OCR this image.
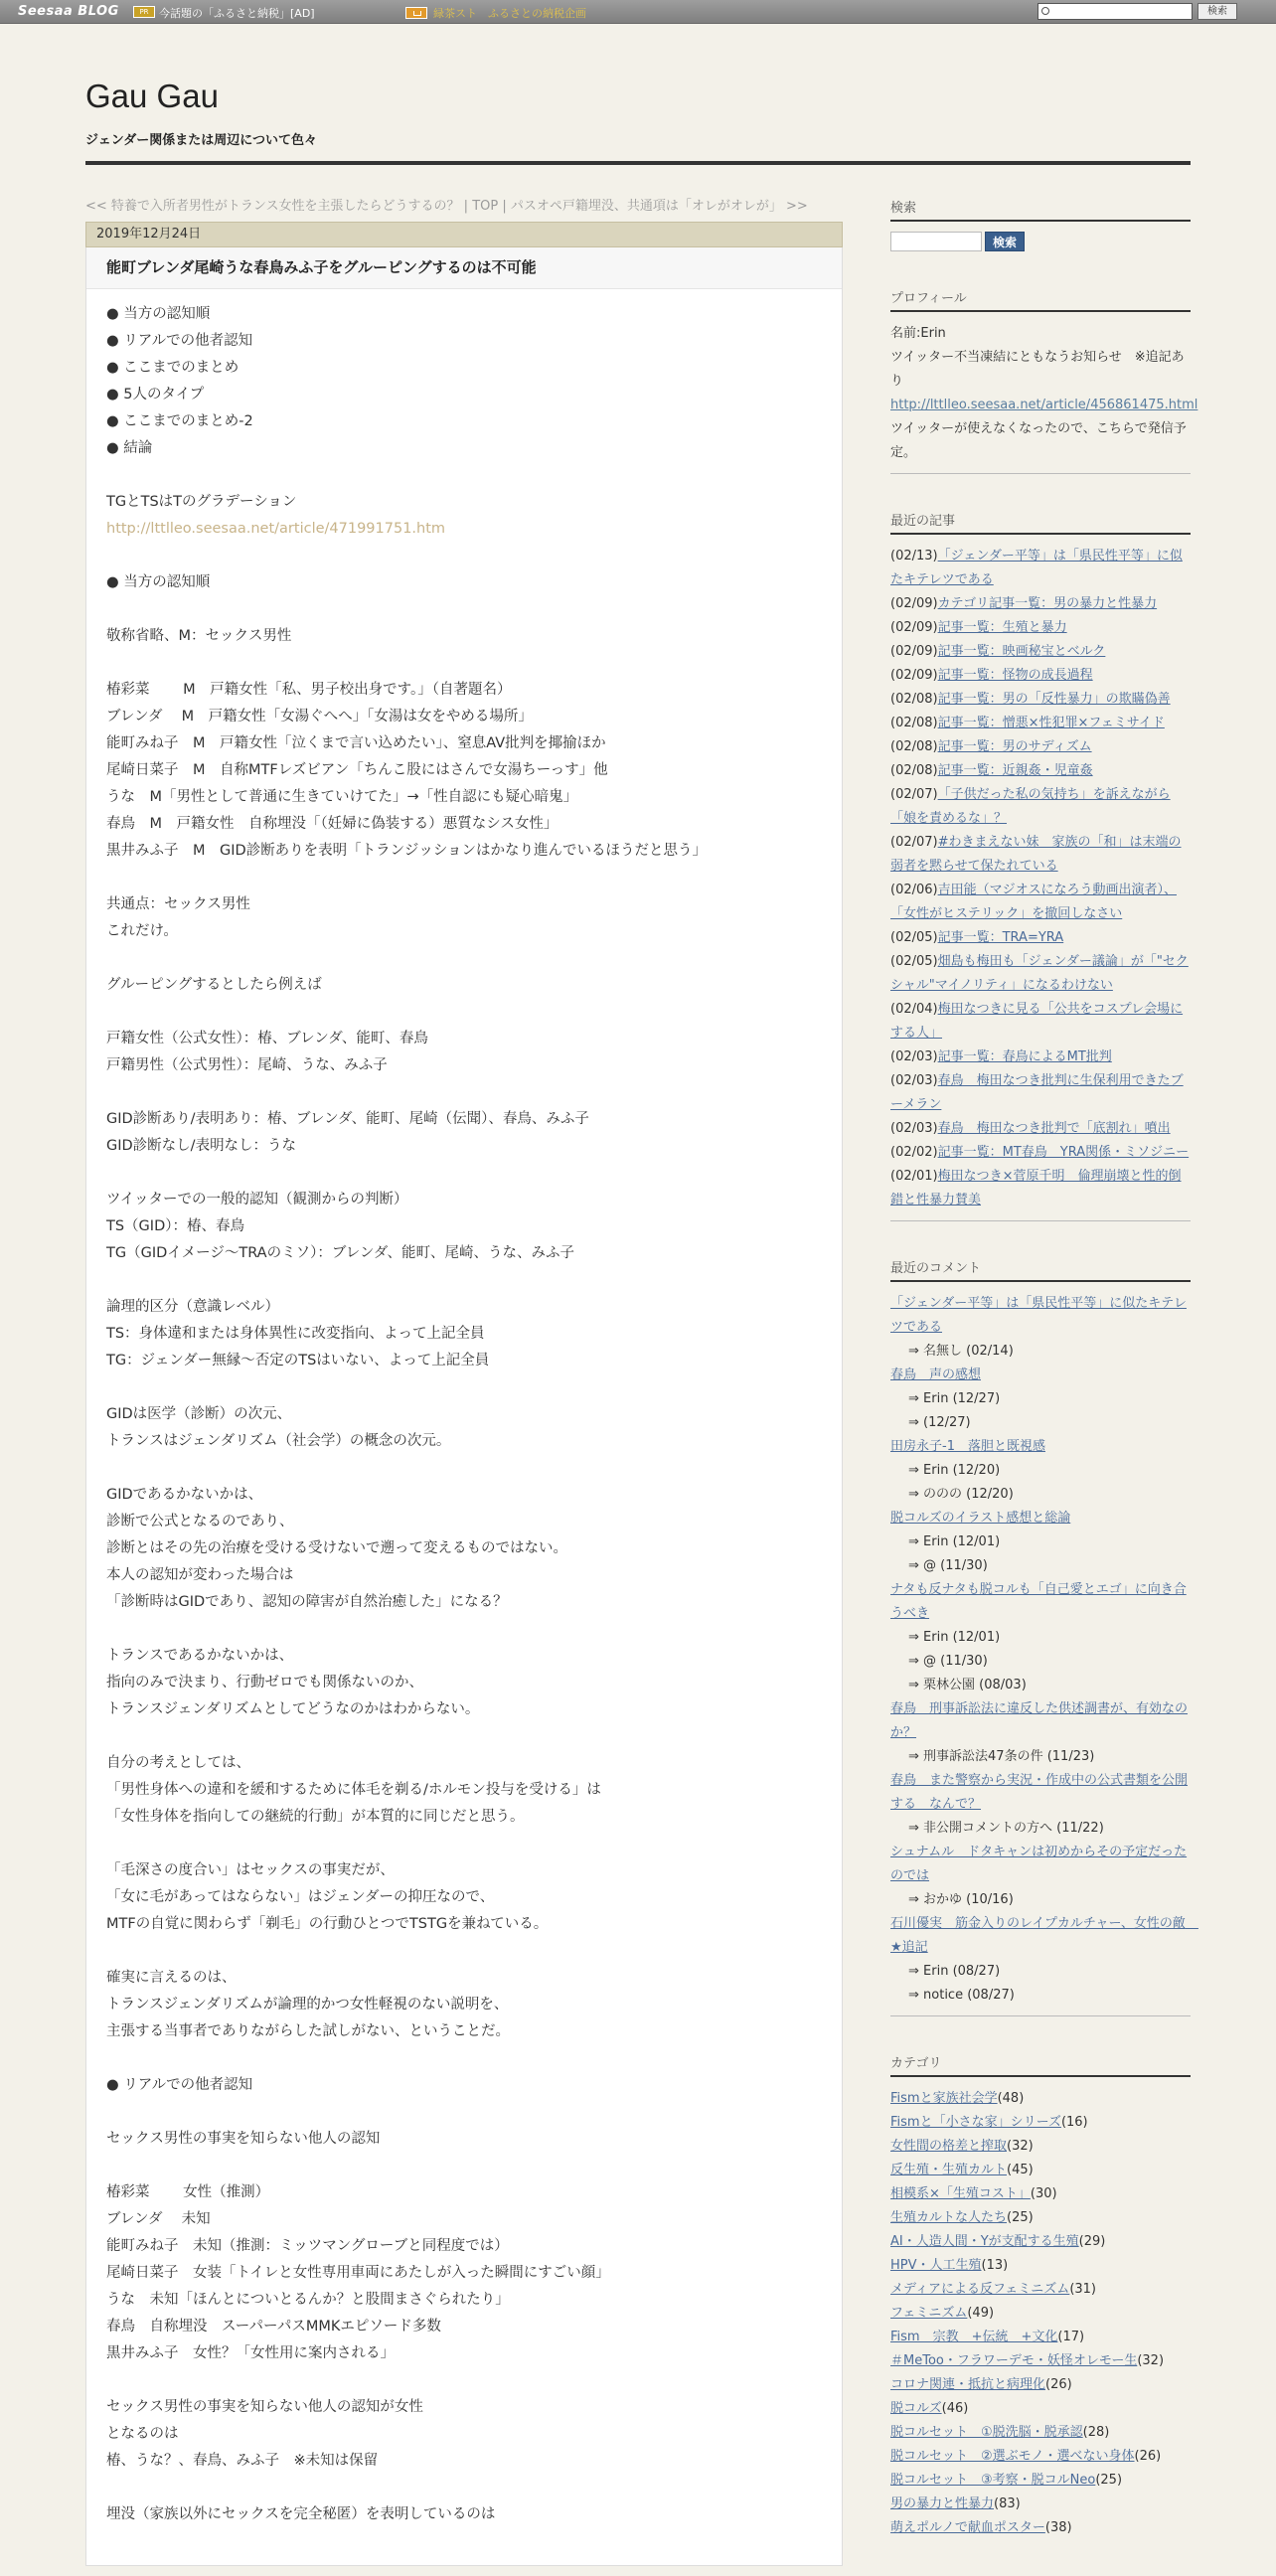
Seesaa BLOG	PR 今話題の「ふるさと納税」[AD]	緑茶スト　ふるさとの納税企画	検索
Gau Gau
ジェンダー関係または周辺について色々
<< 特養で入所者男性がトランス女性を主張したらどうするの？ | TOP | パスオペ戸籍埋没、共通項は「オレがオレが」 >>
2019年12月24日
能町ブレンダ尾崎うな春鳥みふ子をグルーピングするのは不可能
● 当方の認知順
● リアルでの他者認知
● ここまでのまとめ
● 5人のタイプ
● ここまでのまとめ-2
● 結論
TGとTSはTのグラデーション
http://lttlleo.seesaa.net/article/471991751.htm
● 当方の認知順
敬称省略、M：セックス男性
椿彩菜　　 M　戸籍女性「私、男子校出身です。」（自著題名）
ブレンダ　 M　戸籍女性「女湯ぐへへ」「女湯は女をやめる場所」
能町みね子　M　戸籍女性「泣くまで言い込めたい」、窒息AV批判を揶揄ほか
尾崎日菜子　M　自称MTFレズビアン「ちんこ股にはさんで女湯ちーっす」他
うな　M「男性として普通に生きていけてた」→「性自認にも疑心暗鬼」
春鳥　M　戸籍女性　自称埋没「（妊婦に偽装する）悪質なシス女性」
黒井みふ子　M　GID診断ありを表明「トランジッションはかなり進んでいるほうだと思う」
共通点：セックス男性
これだけ。
グルーピングするとしたら例えば
戸籍女性（公式女性）：椿、ブレンダ、能町、春鳥
戸籍男性（公式男性）：尾崎、うな、みふ子
GID診断あり/表明あり：椿、ブレンダ、能町、尾崎（伝聞）、春鳥、みふ子
GID診断なし/表明なし：うな
ツイッターでの一般的認知（観測からの判断）
TS（GID）：椿、春鳥
TG（GIDイメージ～TRAのミソ）：ブレンダ、能町、尾崎、うな、みふ子
論理的区分（意識レベル）
TS：身体違和または身体異性に改変指向、よって上記全員
TG：ジェンダー無縁～否定のTSはいない、よって上記全員
GIDは医学（診断）の次元、
トランスはジェンダリズム（社会学）の概念の次元。
GIDであるかないかは、
診断で公式となるのであり、
診断とはその先の治療を受ける受けないで遡って変えるものではない。
本人の認知が変わった場合は
「診断時はGIDであり、認知の障害が自然治癒した」になる？
トランスであるかないかは、
指向のみで決まり、行動ゼロでも関係ないのか、
トランスジェンダリズムとしてどうなのかはわからない。
自分の考えとしては、
「男性身体への違和を緩和するために体毛を剃る/ホルモン投与を受ける」は
「女性身体を指向しての継続的行動」が本質的に同じだと思う。
「毛深さの度合い」はセックスの事実だが、
「女に毛があってはならない」はジェンダーの抑圧なので、
MTFの自覚に関わらず「剃毛」の行動ひとつでTSTGを兼ねている。
確実に言えるのは、
トランスジェンダリズムが論理的かつ女性軽視のない説明を、
主張する当事者でありながらした試しがない、ということだ。
● リアルでの他者認知
セックス男性の事実を知らない他人の認知
椿彩菜　　 女性（推測）
ブレンダ　 未知
能町みね子　未知（推測：ミッツマングローブと同程度では）
尾崎日菜子　女装「トイレと女性専用車両にあたしが入った瞬間にすごい顔」
うな　未知「ほんとについとるんか？と股間まさぐられたり」
春鳥　自称埋没　スーパーパスMMKエピソード多数
黒井みふ子　女性？「女性用に案内される」
セックス男性の事実を知らない他人の認知が女性
となるのは
椿、うな？、春鳥、みふ子　※未知は保留
埋没（家族以外にセックスを完全秘匿）を表明しているのは
検索
検索
プロフィール

名前:Erin

ツイッター不当凍結にともなうお知らせ　※追記あり

http://lttlleo.seesaa.net/article/456861475.html

ツイッターが使えなくなったので、こちらで発信予定。

最近の記事
(02/13)「ジェンダー平等」は「県民性平等」に似たキテレツである
(02/09)カテゴリ記事一覧：男の暴力と性暴力
(02/09)記事一覧：生殖と暴力
(02/09)記事一覧：映画秘宝とベルク
(02/09)記事一覧：怪物の成長過程
(02/08)記事一覧：男の「反性暴力」の欺瞞偽善
(02/08)記事一覧：憎悪×性犯罪×フェミサイド
(02/08)記事一覧：男のサディズム
(02/08)記事一覧：近親姦・児童姦
(02/07)「子供だった私の気持ち」を訴えながら「娘を責めるな」？
(02/07)#わきまえない妹　家族の「和」は末端の弱者を黙らせて保たれている
(02/06)吉田能（マジオスになろう動画出演者）、「女性がヒステリック」を撤回しなさい
(02/05)記事一覧：TRA=YRA
(02/05)畑島も梅田も「ジェンダー議論」が「"セクシャル"マイノリティ」になるわけない
(02/04)梅田なつきに見る「公共をコスプレ会場にする人」
(02/03)記事一覧：春鳥によるMT批判
(02/03)春鳥　梅田なつき批判に生保利用できたブーメラン
(02/03)春鳥　梅田なつき批判で「底割れ」噴出
(02/02)記事一覧：MT春鳥　YRA関係・ミソジニー
(02/01)梅田なつき×菅原千明　倫理崩壊と性的倒錯と性暴力賛美
最近のコメント
「ジェンダー平等」は「県民性平等」に似たキテレツである
⇒ 名無し (02/14)
春鳥　声の感想
⇒ Erin (12/27)
⇒ (12/27)
田房永子-1　落胆と既視感
⇒ Erin (12/20)
⇒ ののの (12/20)
脱コルズのイラスト感想と総論
⇒ Erin (12/01)
⇒ @ (11/30)
ナタも反ナタも脱コルも「自己愛とエゴ」に向き合うべき
⇒ Erin (12/01)
⇒ @ (11/30)
⇒ 栗林公園 (08/03)
春鳥　刑事訴訟法に違反した供述調書が、有効なのか？
⇒ 刑事訴訟法47条の件 (11/23)
春鳥　また警察から実況・作成中の公式書類を公開する　なんで？
⇒ 非公開コメントの方へ (11/22)
シュナムル　ドタキャンは初めからその予定だったのでは
⇒ おかゆ (10/16)
石川優実　筋金入りのレイプカルチャー、女性の敵　★追記
⇒ Erin (08/27)
⇒ notice (08/27)
カテゴリ
Fismと家族社会学(48)
Fismと「小さな家」シリーズ(16)
女性間の格差と搾取(32)
反生殖・生殖カルト(45)
相模系×「生殖コスト」(30)
生殖カルトな人たち(25)
AI・人造人間・Yが支配する生殖(29)
HPV・人工生殖(13)
メディアによる反フェミニズム(31)
フェミニズム(49)
Fism　宗教　+伝統　+文化(17)
＃MeToo・フラワーデモ・妖怪オレモー生(32)
コロナ関連・抵抗と病理化(26)
脱コルズ(46)
脱コルセット　①脱洗脳・脱承認(28)
脱コルセット　②選ぶモノ・選べない身体(26)
脱コルセット　③考察・脱コルNeo(25)
男の暴力と性暴力(83)
萌えポルノで献血ポスター(38)
